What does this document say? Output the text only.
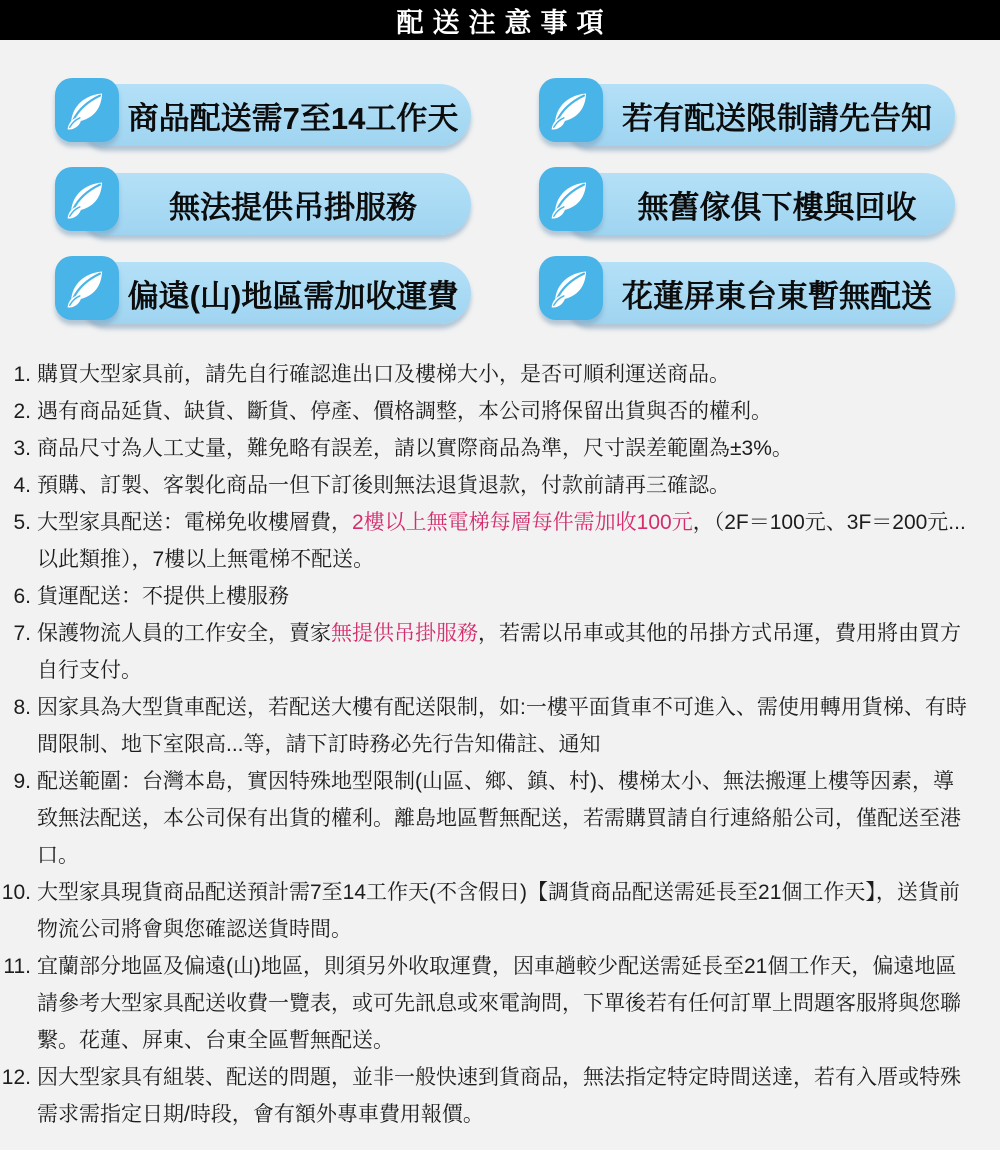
配送注意事項
商品配送需7至14工作天	若有配送限制請先告知
無法提供吊掛服務	無舊傢俱下樓與回收
偏遠(山)地區需加收運費	花蓮屏東台東暫無配送
1. 購買大型家具前，請先自行確認進出口及樓梯大小，是否可順利運送商品。
2. 遇有商品延貨、缺貨、斷貨、停產、價格調整，本公司將保留出貨與否的權利。
3. 商品尺寸為人工丈量，難免略有誤差，請以實際商品為準，尺寸誤差範圍為±3%。
4. 預購、訂製、客製化商品一但下訂後則無法退貨退款，付款前請再三確認。
5. 大型家具配送：電梯免收樓層費，2樓以上無電梯每層每件需加收100元，（2F＝100元、3F＝200元...以此類推），7樓以上無電梯不配送。
6. 貨運配送：不提供上樓服務
7. 保護物流人員的工作安全，賣家無提供吊掛服務，若需以吊車或其他的吊掛方式吊運，費用將由買方自行支付。
8. 因家具為大型貨車配送，若配送大樓有配送限制，如:一樓平面貨車不可進入、需使用轉用貨梯、有時間限制、地下室限高...等，請下訂時務必先行告知備註、通知
9. 配送範圍：台灣本島，實因特殊地型限制(山區、鄉、鎮、村)、樓梯太小、無法搬運上樓等因素，導致無法配送，本公司保有出貨的權利。離島地區暫無配送，若需購買請自行連絡船公司，僅配送至港口。
10. 大型家具現貨商品配送預計需7至14工作天(不含假日)【調貨商品配送需延長至21個工作天】，送貨前物流公司將會與您確認送貨時間。
11. 宜蘭部分地區及偏遠(山)地區，則須另外收取運費，因車趟較少配送需延長至21個工作天，偏遠地區請參考大型家具配送收費一覽表，或可先訊息或來電詢問，下單後若有任何訂單上問題客服將與您聯繫。花蓮、屏東、台東全區暫無配送。
12. 因大型家具有組裝、配送的問題，並非一般快速到貨商品，無法指定特定時間送達，若有入厝或特殊需求需指定日期/時段，會有額外專車費用報價。
